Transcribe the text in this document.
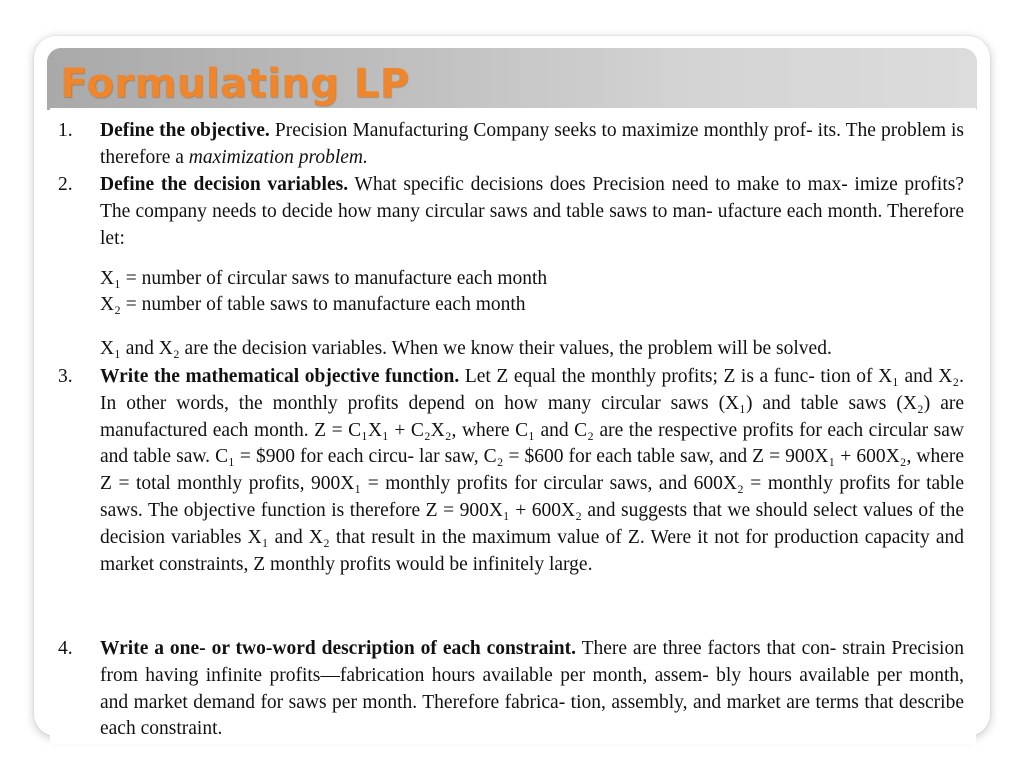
Formulating LP
1.	Define the objective. Precision Manufacturing Company seeks to maximize monthly prof- its. The problem is therefore a maximization problem.
2.	Define the decision variables. What specific decisions does Precision need to make to max- imize profits? The company needs to decide how many circular saws and table saws to man- ufacture each month. Therefore let:
X₁ = number of circular saws to manufacture each month
X₂ = number of table saws to manufacture each month
X₁ and X₂ are the decision variables. When we know their values, the problem will be solved.
3.	Write the mathematical objective function. Let Z equal the monthly profits; Z is a func- tion of X₁ and X₂. In other words, the monthly profits depend on how many circular saws (X₁) and table saws (X₂) are manufactured each month. Z = C₁X₁ + C₂X₂, where C₁ and C₂ are the respective profits for each circular saw and table saw. C₁ = $900 for each circu- lar saw, C₂ = $600 for each table saw, and Z = 900X₁ + 600X₂, where Z = total monthly profits, 900X₁ = monthly profits for circular saws, and 600X₂ = monthly profits for table saws. The objective function is therefore Z = 900X₁ + 600X₂ and suggests that we should select values of the decision variables X₁ and X₂ that result in the maximum value of Z. Were it not for production capacity and market constraints, Z monthly profits would be infinitely large.
4.	Write a one- or two-word description of each constraint. There are three factors that con- strain Precision from having infinite profits—fabrication hours available per month, assem- bly hours available per month, and market demand for saws per month. Therefore fabrica- tion, assembly, and market are terms that describe each constraint.
